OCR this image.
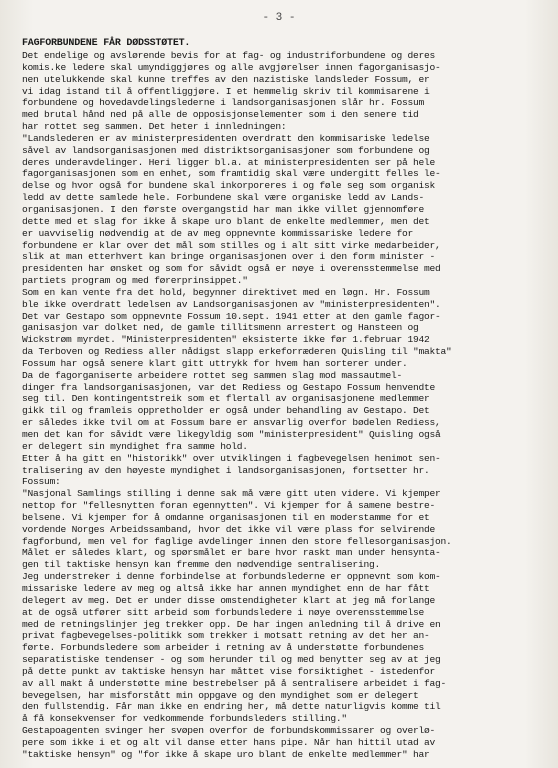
- 3 -
FAGFORBUNDENE FÅR DØDSSTØTET.
Det endelige og avslørende bevis for at fag- og industriforbundene og deres
komis.ke ledere skal umyndiggjøres og alle avgjørelser innen fagorganisasjo-
nen utelukkende skal kunne treffes av den nazistiske landsleder Fossum, er
vi idag istand til å offentliggjøre. I et hemmelig skriv til kommisarene i
forbundene og hovedavdelingslederne i landsorganisasjonen slår hr. Fossum
med brutal hånd ned på alle de opposisjonselementer som i den senere tid
har rottet seg sammen. Det heter i innledningen:
"Landslederen er av ministerpresidenten overdratt den kommisariske ledelse
såvel av landsorganisasjonen med distriktsorganisasjoner som forbundene og
deres underavdelinger. Heri ligger bl.a. at ministerpresidenten ser på hele
fagorganisasjonen som en enhet, som framtidig skal være undergitt felles le-
delse og hvor også for bundene skal inkorporeres i og føle seg som organisk
ledd av dette samlede hele. Forbundene skal være organiske ledd av Lands-
organisasjonen. I den første overgangstid har man ikke villet gjennomføre
dette med et slag for ikke å skape uro blant de enkelte medlemmer, men det
er uavviselig nødvendig at de av meg oppnevnte kommissariske ledere for
forbundene er klar over det mål som stilles og i alt sitt virke medarbeider,
slik at man etterhvert kan bringe organisasjonen over i den form minister -
presidenten har ønsket og som for såvidt også er nøye i overensstemmelse med
partiets program og med førerprinsippet."
Som en kan vente fra det hold, begynner direktivet med en løgn. Hr. Fossum
ble ikke overdratt ledelsen av Landsorganisasjonen av "ministerpresidenten".
Det var Gestapo som oppnevnte Fossum 10.sept. 1941 etter at den gamle fagor-
ganisasjon var dolket ned, de gamle tillitsmenn arrestert og Hansteen og
Wickstrøm myrdet. "Ministerpresidenten" eksisterte ikke før 1.februar 1942
da Terboven og Rediess aller nådigst slapp erkeforræderen Quisling til "makta"
Fossum har også senere klart gitt uttrykk for hvem han sorterer under.
Da de fagorganiserte arbeidere rottet seg sammen slag mod massautmel-
dinger fra landsorganisasjonen, var det Rediess og Gestapo Fossum henvendte
seg til. Den kontingentstreik som et flertall av organisasjonene medlemmer
gikk til og framleis oppretholder er også under behandling av Gestapo. Det
er således ikke tvil om at Fossum bare er ansvarlig overfor bødelen Rediess,
men det kan for såvidt være likegyldig som "ministerpresident" Quisling også
er delegert sin myndighet fra samme hold.
Etter å ha gitt en "historikk" over utviklingen i fagbevegelsen henimot sen-
tralisering av den høyeste myndighet i landsorganisasjonen, fortsetter hr.
Fossum:
"Nasjonal Samlings stilling i denne sak må være gitt uten videre. Vi kjemper
nettop for "fellesnytten foran egennytten". Vi kjemper for å samene bestre-
belsene. Vi kjemper for å omdanne organisasjonen til en moderstamme for et
vordende Norges Arbeidssamband, hvor det ikke vil være plass for selvirende
fagforbund, men vel for faglige avdelinger innen den store fellesorganisasjon.
Målet er således klart, og spørsmålet er bare hvor raskt man under hensynta-
gen til taktiske hensyn kan fremme den nødvendige sentralisering.
Jeg understreker i denne forbindelse at forbundslederne er oppnevnt som kom-
missariske ledere av meg og altså ikke har annen myndighet enn de har fått
delegert av meg. Det er under disse omstendigheter klart at jeg må forlange
at de også utfører sitt arbeid som forbundsledere i nøye overensstemmelse
med de retningslinjer jeg trekker opp. De har ingen anledning til å drive en
privat fagbevegelses-politikk som trekker i motsatt retning av det her an-
førte. Forbundsledere som arbeider i retning av å understøtte forbundenes
separatistiske tendenser - og som herunder til og med benytter seg av at jeg
på dette punkt av taktiske hensyn har måttet vise forsiktighet - istedenfor
av all makt å understøtte mine bestrebelser på å sentralisere arbeidet i fag-
bevegelsen, har misforstått min oppgave og den myndighet som er delegert
den fullstendig. Får man ikke en endring her, må dette naturligvis komme til
å få konsekvenser for vedkommende forbundsleders stilling."
Gestapoagenten svinger her svøpen overfor de forbundskommissarer og overlø-
pere som ikke i et og alt vil danse etter hans pipe. Når han hittil utad av
"taktiske hensyn" og "for ikke å skape uro blant de enkelte medlemmer" har
